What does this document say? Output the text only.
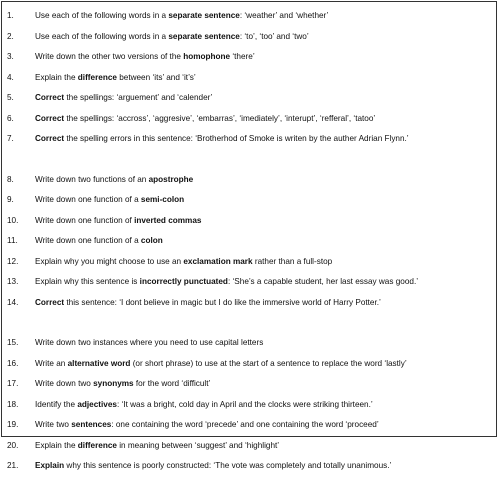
1.	Use each of the following words in a separate sentence: ‘weather’ and ‘whether’
2.	Use each of the following words in a separate sentence: ‘to’, ‘too’ and ‘two’
3.	Write down the other two versions of the homophone ‘there’
4.	Explain the difference between ‘its’ and ‘it’s’
5.	Correct the spellings: ‘arguement’ and ‘calender’
6.	Correct the spellings: ‘accross’, ‘aggresive’, ‘embarras’, ‘imediately’, ‘interupt’, ‘refferal’, ‘tatoo’
7.	Correct the spelling errors in this sentence: ‘Brotherhod of Smoke is writen by the auther Adrian Flynn.’
8.	Write down two functions of an apostrophe
9.	Write down one function of a semi-colon
10.	Write down one function of inverted commas
11.	Write down one function of a colon
12.	Explain why you might choose to use an exclamation mark rather than a full-stop
13.	Explain why this sentence is incorrectly punctuated: ‘She’s a capable student, her last essay was good.’
14.	Correct this sentence: ‘I dont believe in magic but I do like the immersive world of Harry Potter.’
15.	Write down two instances where you need to use capital letters
16.	Write an alternative word (or short phrase) to use at the start of a sentence to replace the word ‘lastly’
17.	Write down two synonyms for the word ‘difficult’
18.	Identify the adjectives: ‘It was a bright, cold day in April and the clocks were striking thirteen.’
19.	Write two sentences: one containing the word ‘precede’ and one containing the word ‘proceed’
20.	Explain the difference in meaning between ‘suggest’ and ‘highlight’
21.	Explain why this sentence is poorly constructed: ‘The vote was completely and totally unanimous.’
